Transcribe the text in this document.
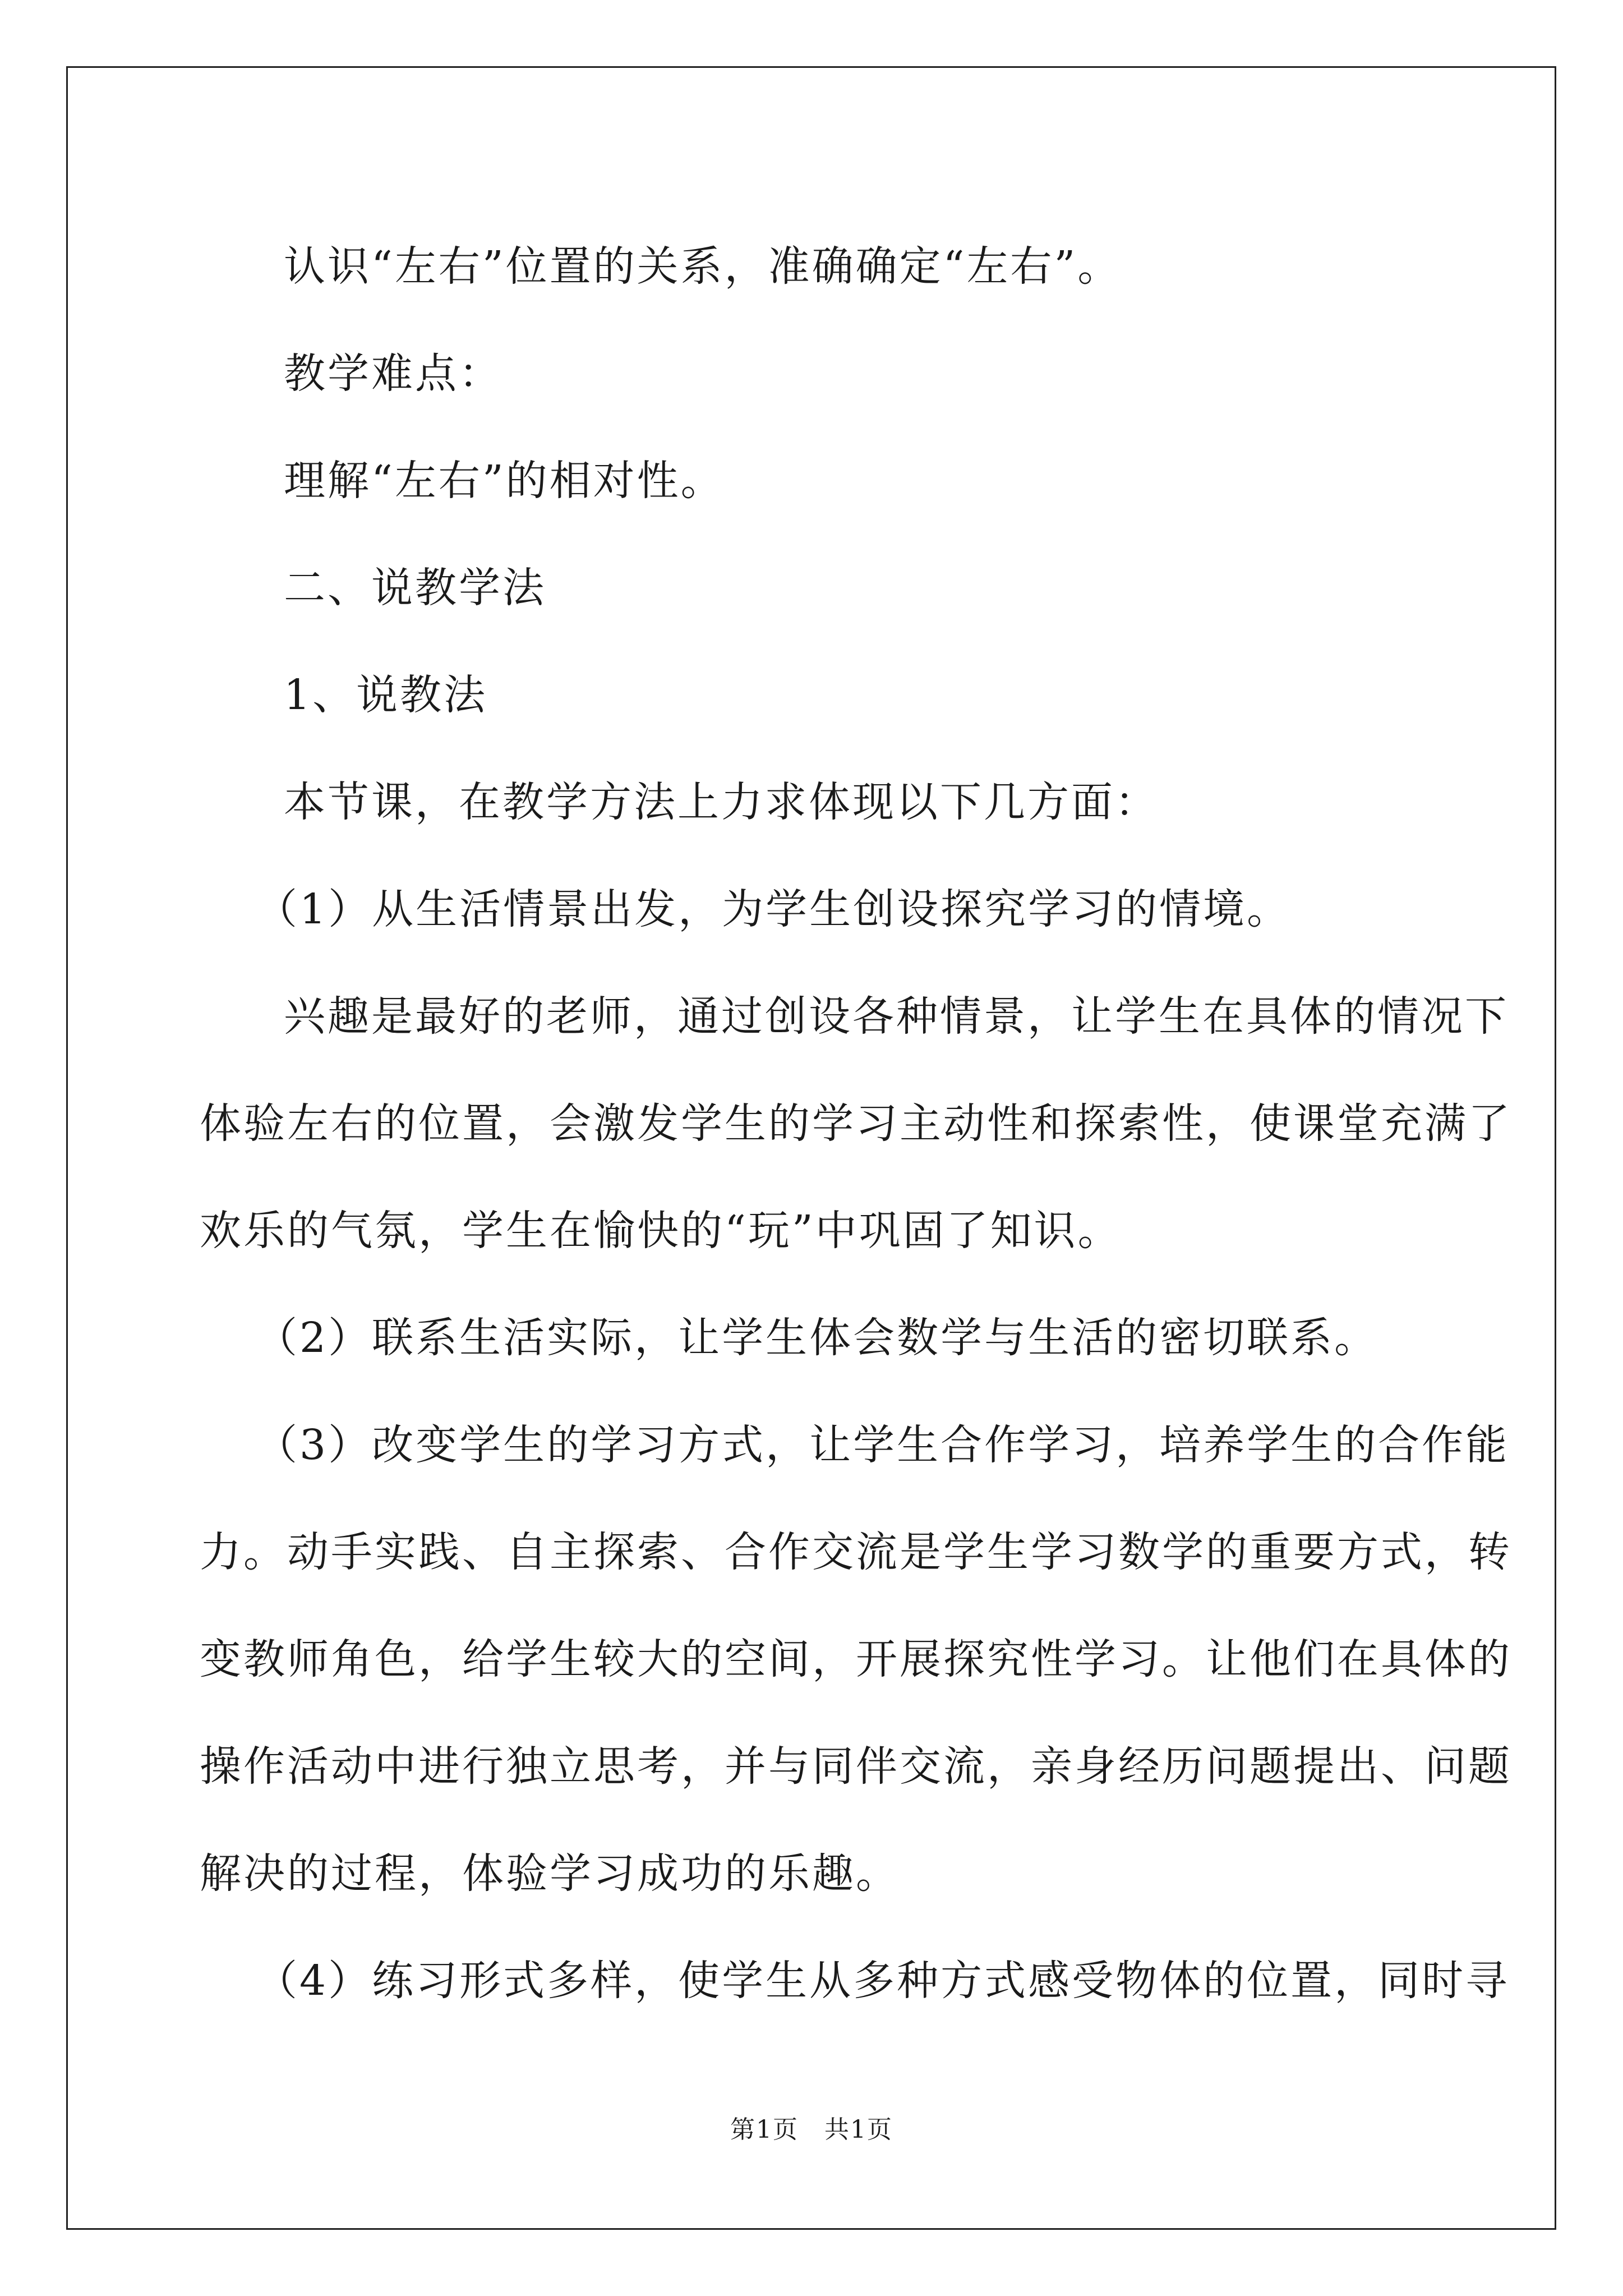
认识“左右”位置的关系，准确确定“左右”。

教学难点：

理解“左右”的相对性。

二、说教学法

1、说教法

本节课，在教学方法上力求体现以下几方面：

（1）从生活情景出发，为学生创设探究学习的情境。

兴趣是最好的老师，通过创设各种情景，让学生在具体的情况下

体验左右的位置，会激发学生的学习主动性和探索性，使课堂充满了

欢乐的气氛，学生在愉快的“玩”中巩固了知识。

（2）联系生活实际，让学生体会数学与生活的密切联系。

（3）改变学生的学习方式，让学生合作学习，培养学生的合作能

力。动手实践、自主探索、合作交流是学生学习数学的重要方式，转

变教师角色，给学生较大的空间，开展探究性学习。让他们在具体的

操作活动中进行独立思考，并与同伴交流，亲身经历问题提出、问题

解决的过程，体验学习成功的乐趣。

（4）练习形式多样，使学生从多种方式感受物体的位置，同时寻

第1页　共1页
